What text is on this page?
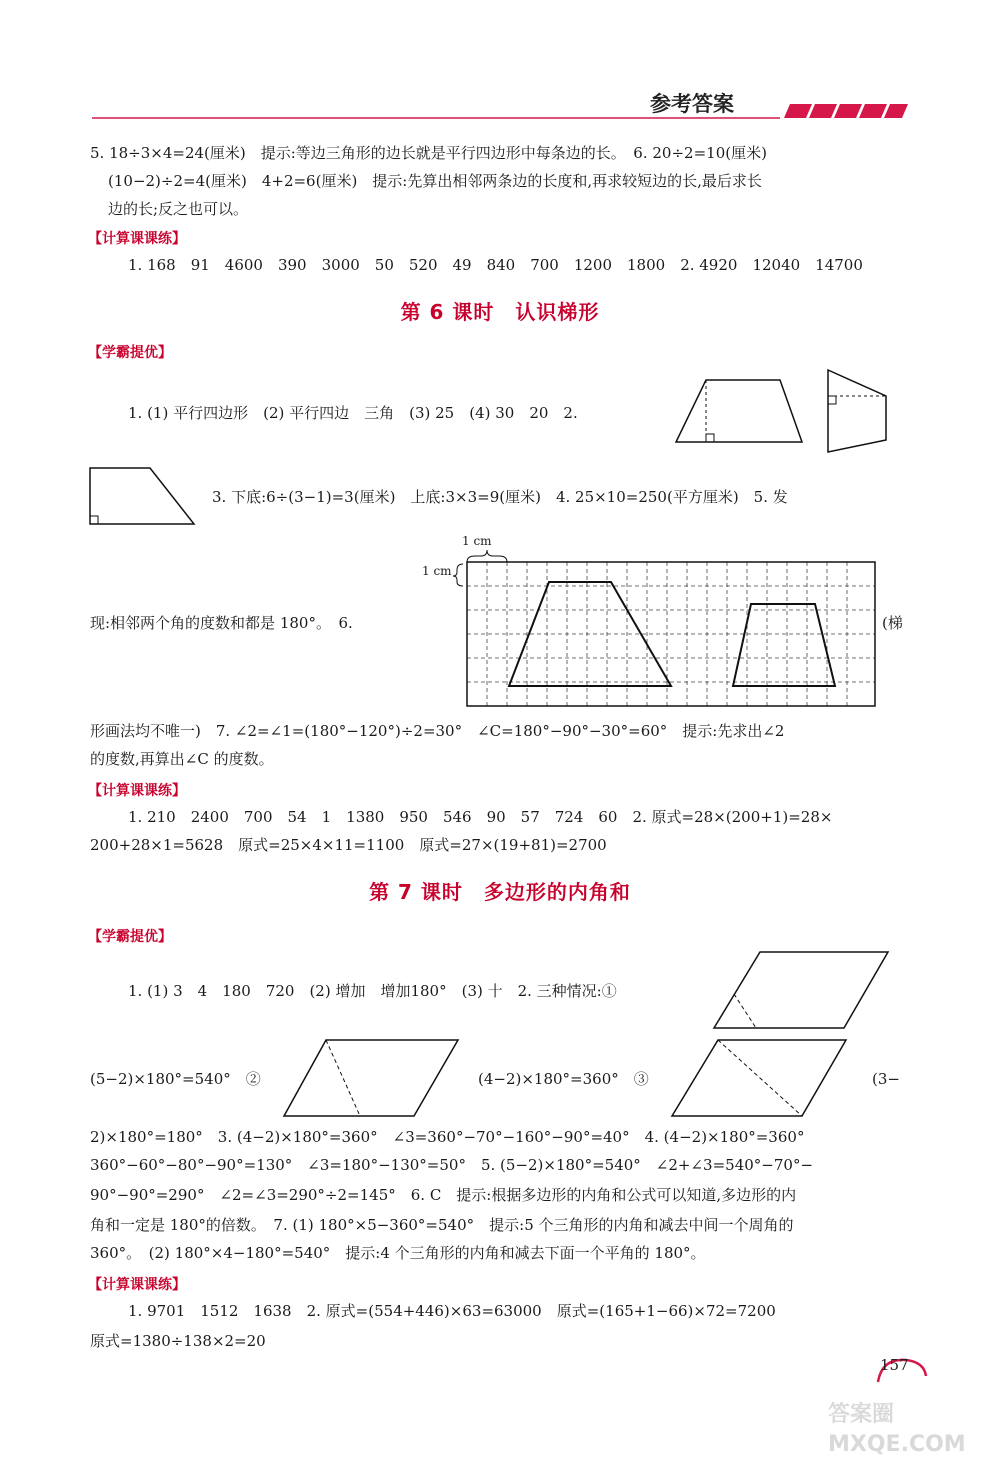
参考答案
5. 18÷3×4=24(厘米)　提示:等边三角形的边长就是平行四边形中每条边的长。　6. 20÷2=10(厘米)
(10−2)÷2=4(厘米)　4+2=6(厘米)　提示:先算出相邻两条边的长度和,再求较短边的长,最后求长
边的长;反之也可以。
【计算课课练】
1. 168　91　4600　390　3000　50　520　49　840　700　1200　1800　2. 4920　12040　14700
第 6 课时　认识梯形
【学霸提优】
1. (1) 平行四边形　(2) 平行四边　三角　(3) 25　(4) 30　20　2.
3. 下底:6÷(3−1)=3(厘米)　上底:3×3=9(厘米)　4. 25×10=250(平方厘米)　5. 发
1 cm
1 cm
现:相邻两个角的度数和都是 180°。　6.	(梯
形画法均不唯一)　7. ∠2=∠1=(180°−120°)÷2=30°　∠C=180°−90°−30°=60°　提示:先求出∠2
的度数,再算出∠C 的度数。
【计算课课练】
1. 210　2400　700　54　1　1380　950　546　90　57　724　60　2. 原式=28×(200+1)=28×
200+28×1=5628　原式=25×4×11=1100　原式=27×(19+81)=2700
第 7 课时　多边形的内角和
【学霸提优】
1. (1) 3　4　180　720　(2) 增加　增加180°　(3) 十　2. 三种情况:①
(5−2)×180°=540°　②	(4−2)×180°=360°　③	(3−
2)×180°=180°　3. (4−2)×180°=360°　∠3=360°−70°−160°−90°=40°　4. (4−2)×180°=360°
360°−60°−80°−90°=130°　∠3=180°−130°=50°　5. (5−2)×180°=540°　∠2+∠3=540°−70°−
90°−90°=290°　∠2=∠3=290°÷2=145°　6. C　提示:根据多边形的内角和公式可以知道,多边形的内
角和一定是 180°的倍数。　7. (1) 180°×5−360°=540°　提示:5 个三角形的内角和减去中间一个周角的
360°。　(2) 180°×4−180°=540°　提示:4 个三角形的内角和减去下面一个平角的 180°。
【计算课课练】
1. 9701　1512　1638　2. 原式=(554+446)×63=63000　原式=(165+1−66)×72=7200
原式=1380÷138×2=20
157
答案圈 MXQE.COM
